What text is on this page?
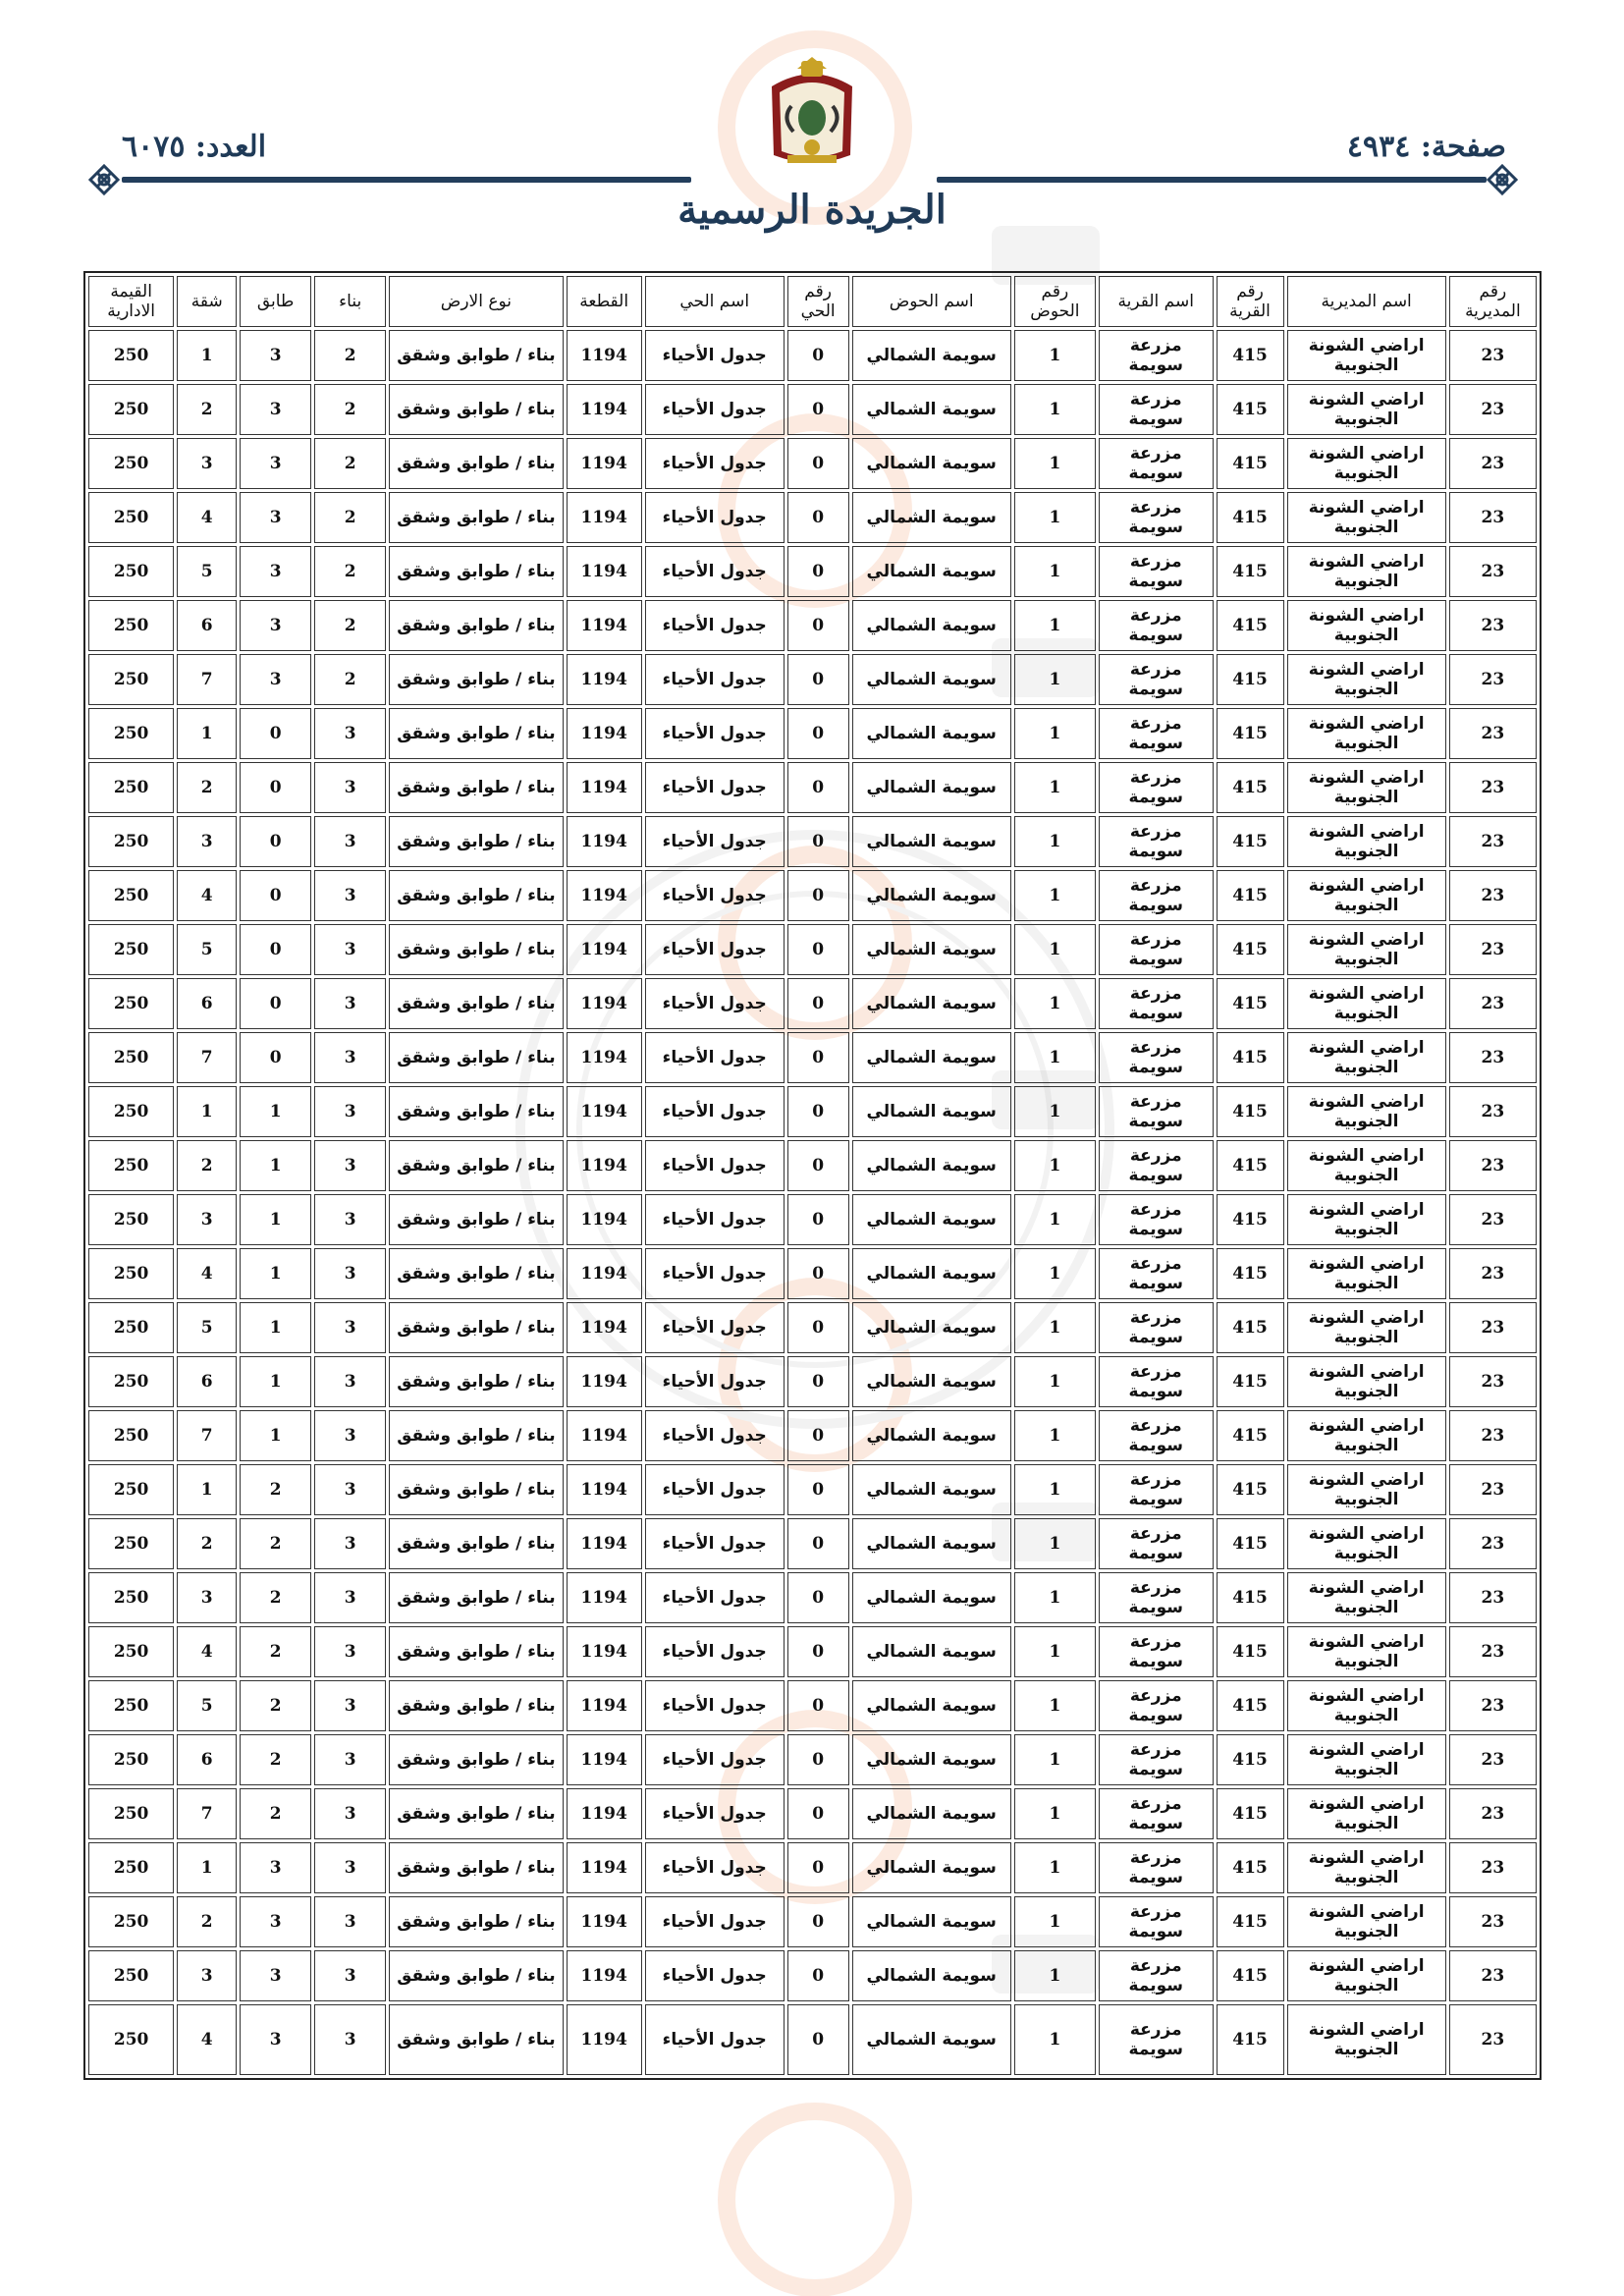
صفحة: ٤٩٣٤
العدد: ٦٠٧٥
الجريدة الرسمية
رقم المديرية	اسم المديرية	رقم القرية	اسم القرية	رقم الحوض	اسم الحوض	رقم الحي	اسم الحي	القطعة	نوع الارض	بناء	طابق	شقة	القيمة الادارية
23	اراضي الشونة الجنوبية	415	مزرعة سويمة	1	سويمة الشمالي	0	جدول الأحياء	1194	بناء / طوابق وشقق	2	3	1	250
23	اراضي الشونة الجنوبية	415	مزرعة سويمة	1	سويمة الشمالي	0	جدول الأحياء	1194	بناء / طوابق وشقق	2	3	2	250
23	اراضي الشونة الجنوبية	415	مزرعة سويمة	1	سويمة الشمالي	0	جدول الأحياء	1194	بناء / طوابق وشقق	2	3	3	250
23	اراضي الشونة الجنوبية	415	مزرعة سويمة	1	سويمة الشمالي	0	جدول الأحياء	1194	بناء / طوابق وشقق	2	3	4	250
23	اراضي الشونة الجنوبية	415	مزرعة سويمة	1	سويمة الشمالي	0	جدول الأحياء	1194	بناء / طوابق وشقق	2	3	5	250
23	اراضي الشونة الجنوبية	415	مزرعة سويمة	1	سويمة الشمالي	0	جدول الأحياء	1194	بناء / طوابق وشقق	2	3	6	250
23	اراضي الشونة الجنوبية	415	مزرعة سويمة	1	سويمة الشمالي	0	جدول الأحياء	1194	بناء / طوابق وشقق	2	3	7	250
23	اراضي الشونة الجنوبية	415	مزرعة سويمة	1	سويمة الشمالي	0	جدول الأحياء	1194	بناء / طوابق وشقق	3	0	1	250
23	اراضي الشونة الجنوبية	415	مزرعة سويمة	1	سويمة الشمالي	0	جدول الأحياء	1194	بناء / طوابق وشقق	3	0	2	250
23	اراضي الشونة الجنوبية	415	مزرعة سويمة	1	سويمة الشمالي	0	جدول الأحياء	1194	بناء / طوابق وشقق	3	0	3	250
23	اراضي الشونة الجنوبية	415	مزرعة سويمة	1	سويمة الشمالي	0	جدول الأحياء	1194	بناء / طوابق وشقق	3	0	4	250
23	اراضي الشونة الجنوبية	415	مزرعة سويمة	1	سويمة الشمالي	0	جدول الأحياء	1194	بناء / طوابق وشقق	3	0	5	250
23	اراضي الشونة الجنوبية	415	مزرعة سويمة	1	سويمة الشمالي	0	جدول الأحياء	1194	بناء / طوابق وشقق	3	0	6	250
23	اراضي الشونة الجنوبية	415	مزرعة سويمة	1	سويمة الشمالي	0	جدول الأحياء	1194	بناء / طوابق وشقق	3	0	7	250
23	اراضي الشونة الجنوبية	415	مزرعة سويمة	1	سويمة الشمالي	0	جدول الأحياء	1194	بناء / طوابق وشقق	3	1	1	250
23	اراضي الشونة الجنوبية	415	مزرعة سويمة	1	سويمة الشمالي	0	جدول الأحياء	1194	بناء / طوابق وشقق	3	1	2	250
23	اراضي الشونة الجنوبية	415	مزرعة سويمة	1	سويمة الشمالي	0	جدول الأحياء	1194	بناء / طوابق وشقق	3	1	3	250
23	اراضي الشونة الجنوبية	415	مزرعة سويمة	1	سويمة الشمالي	0	جدول الأحياء	1194	بناء / طوابق وشقق	3	1	4	250
23	اراضي الشونة الجنوبية	415	مزرعة سويمة	1	سويمة الشمالي	0	جدول الأحياء	1194	بناء / طوابق وشقق	3	1	5	250
23	اراضي الشونة الجنوبية	415	مزرعة سويمة	1	سويمة الشمالي	0	جدول الأحياء	1194	بناء / طوابق وشقق	3	1	6	250
23	اراضي الشونة الجنوبية	415	مزرعة سويمة	1	سويمة الشمالي	0	جدول الأحياء	1194	بناء / طوابق وشقق	3	1	7	250
23	اراضي الشونة الجنوبية	415	مزرعة سويمة	1	سويمة الشمالي	0	جدول الأحياء	1194	بناء / طوابق وشقق	3	2	1	250
23	اراضي الشونة الجنوبية	415	مزرعة سويمة	1	سويمة الشمالي	0	جدول الأحياء	1194	بناء / طوابق وشقق	3	2	2	250
23	اراضي الشونة الجنوبية	415	مزرعة سويمة	1	سويمة الشمالي	0	جدول الأحياء	1194	بناء / طوابق وشقق	3	2	3	250
23	اراضي الشونة الجنوبية	415	مزرعة سويمة	1	سويمة الشمالي	0	جدول الأحياء	1194	بناء / طوابق وشقق	3	2	4	250
23	اراضي الشونة الجنوبية	415	مزرعة سويمة	1	سويمة الشمالي	0	جدول الأحياء	1194	بناء / طوابق وشقق	3	2	5	250
23	اراضي الشونة الجنوبية	415	مزرعة سويمة	1	سويمة الشمالي	0	جدول الأحياء	1194	بناء / طوابق وشقق	3	2	6	250
23	اراضي الشونة الجنوبية	415	مزرعة سويمة	1	سويمة الشمالي	0	جدول الأحياء	1194	بناء / طوابق وشقق	3	2	7	250
23	اراضي الشونة الجنوبية	415	مزرعة سويمة	1	سويمة الشمالي	0	جدول الأحياء	1194	بناء / طوابق وشقق	3	3	1	250
23	اراضي الشونة الجنوبية	415	مزرعة سويمة	1	سويمة الشمالي	0	جدول الأحياء	1194	بناء / طوابق وشقق	3	3	2	250
23	اراضي الشونة الجنوبية	415	مزرعة سويمة	1	سويمة الشمالي	0	جدول الأحياء	1194	بناء / طوابق وشقق	3	3	3	250
23	اراضي الشونة الجنوبية	415	مزرعة سويمة	1	سويمة الشمالي	0	جدول الأحياء	1194	بناء / طوابق وشقق	3	3	4	250
